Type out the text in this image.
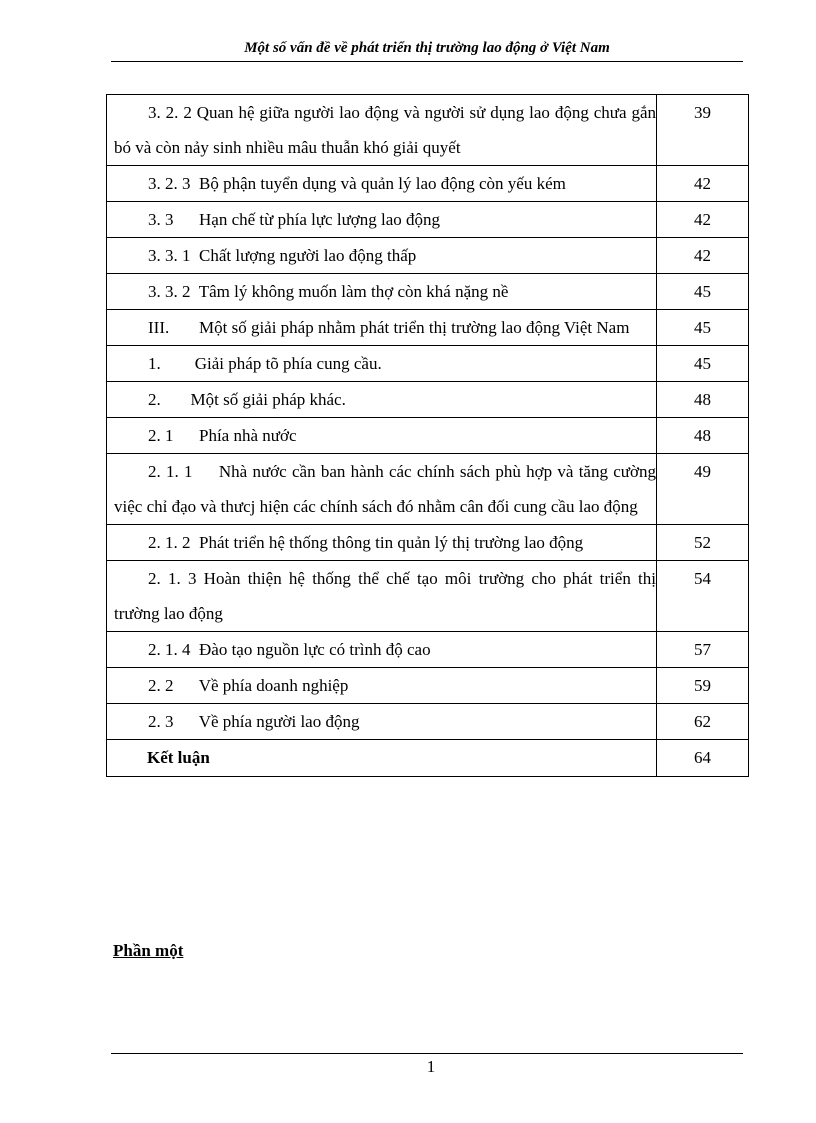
Một số vấn đề về phát triển thị trường lao động ở Việt Nam
3. 2. 2 Quan hệ giữa người lao động và người sử dụng lao động chưa gắn bó và còn nảy sinh nhiều mâu thuẫn khó giải quyết	39
3. 2. 3  Bộ phận tuyển dụng và quản lý lao động còn yếu kém	42
3. 3      Hạn chế từ phía lực lượng lao động	42
3. 3. 1  Chất lượng người lao động thấp	42
3. 3. 2  Tâm lý không muốn làm thợ còn khá nặng nề	45
III.       Một số giải pháp nhằm phát triển thị trường lao động Việt Nam	45
1.        Giải pháp tõ phía cung cầu.	45
2.       Một số giải pháp khác.	48
2. 1      Phía nhà nước	48
2. 1. 1     Nhà nước cần ban hành các chính sách phù hợp và tăng cường việc chỉ đạo và thưcj hiện các chính sách đó nhằm cân đối cung cầu lao động	49
2. 1. 2  Phát triển hệ thống thông tin quản lý thị trường lao động	52
2. 1. 3 Hoàn thiện hệ thống thể chế tạo môi trường cho phát triển thị trường lao động	54
2. 1. 4  Đào tạo nguồn lực có trình độ cao	57
2. 2      Về phía doanh nghiệp	59
2. 3      Về phía người lao động	62
Kết luận	64
Phần một
1
